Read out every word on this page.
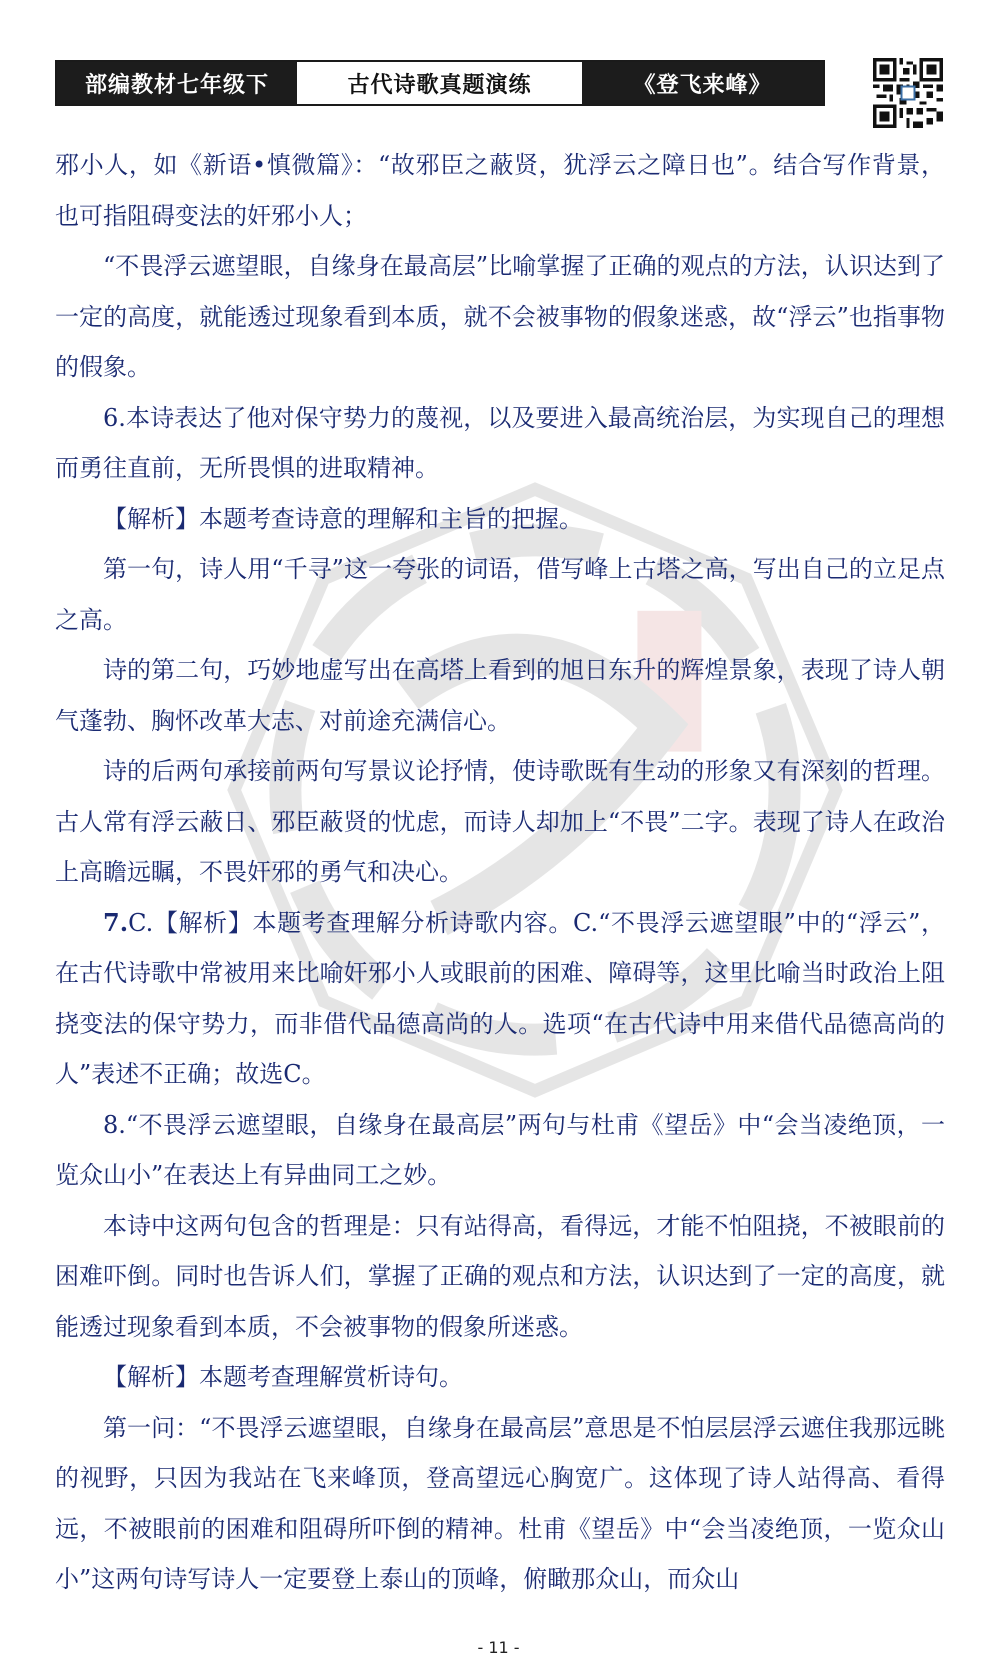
部编教材七年级下	古代诗歌真题演练	《登飞来峰》

邪小人，如《新语•慎微篇》：“故邪臣之蔽贤，犹浮云之障日也”。结合写作背景，也可指阻碍变法的奸邪小人；

“不畏浮云遮望眼，自缘身在最高层”比喻掌握了正确的观点的方法，认识达到了一定的高度，就能透过现象看到本质，就不会被事物的假象迷惑，故“浮云”也指事物的假象。

6.本诗表达了他对保守势力的蔑视，以及要进入最高统治层，为实现自己的理想而勇往直前，无所畏惧的进取精神。

【解析】本题考查诗意的理解和主旨的把握。

第一句，诗人用“千寻”这一夸张的词语，借写峰上古塔之高，写出自己的立足点之高。

诗的第二句，巧妙地虚写出在高塔上看到的旭日东升的辉煌景象，表现了诗人朝气蓬勃、胸怀改革大志、对前途充满信心。

诗的后两句承接前两句写景议论抒情，使诗歌既有生动的形象又有深刻的哲理。古人常有浮云蔽日、邪臣蔽贤的忧虑，而诗人却加上“不畏”二字。表现了诗人在政治上高瞻远瞩，不畏奸邪的勇气和决心。

7.C.【解析】本题考查理解分析诗歌内容。C.“不畏浮云遮望眼”中的“浮云”，在古代诗歌中常被用来比喻奸邪小人或眼前的困难、障碍等，这里比喻当时政治上阻挠变法的保守势力，而非借代品德高尚的人。选项“在古代诗中用来借代品德高尚的人”表述不正确；故选C。

8.“不畏浮云遮望眼，自缘身在最高层”两句与杜甫《望岳》中“会当凌绝顶，一览众山小”在表达上有异曲同工之妙。

本诗中这两句包含的哲理是：只有站得高，看得远，才能不怕阻挠，不被眼前的困难吓倒。同时也告诉人们，掌握了正确的观点和方法，认识达到了一定的高度，就能透过现象看到本质，不会被事物的假象所迷惑。

【解析】本题考查理解赏析诗句。

第一问：“不畏浮云遮望眼，自缘身在最高层”意思是不怕层层浮云遮住我那远眺的视野，只因为我站在飞来峰顶，登高望远心胸宽广。这体现了诗人站得高、看得远，不被眼前的困难和阻碍所吓倒的精神。杜甫《望岳》中“会当凌绝顶，一览众山小”这两句诗写诗人一定要登上泰山的顶峰，俯瞰那众山，而众山

- 11 -
